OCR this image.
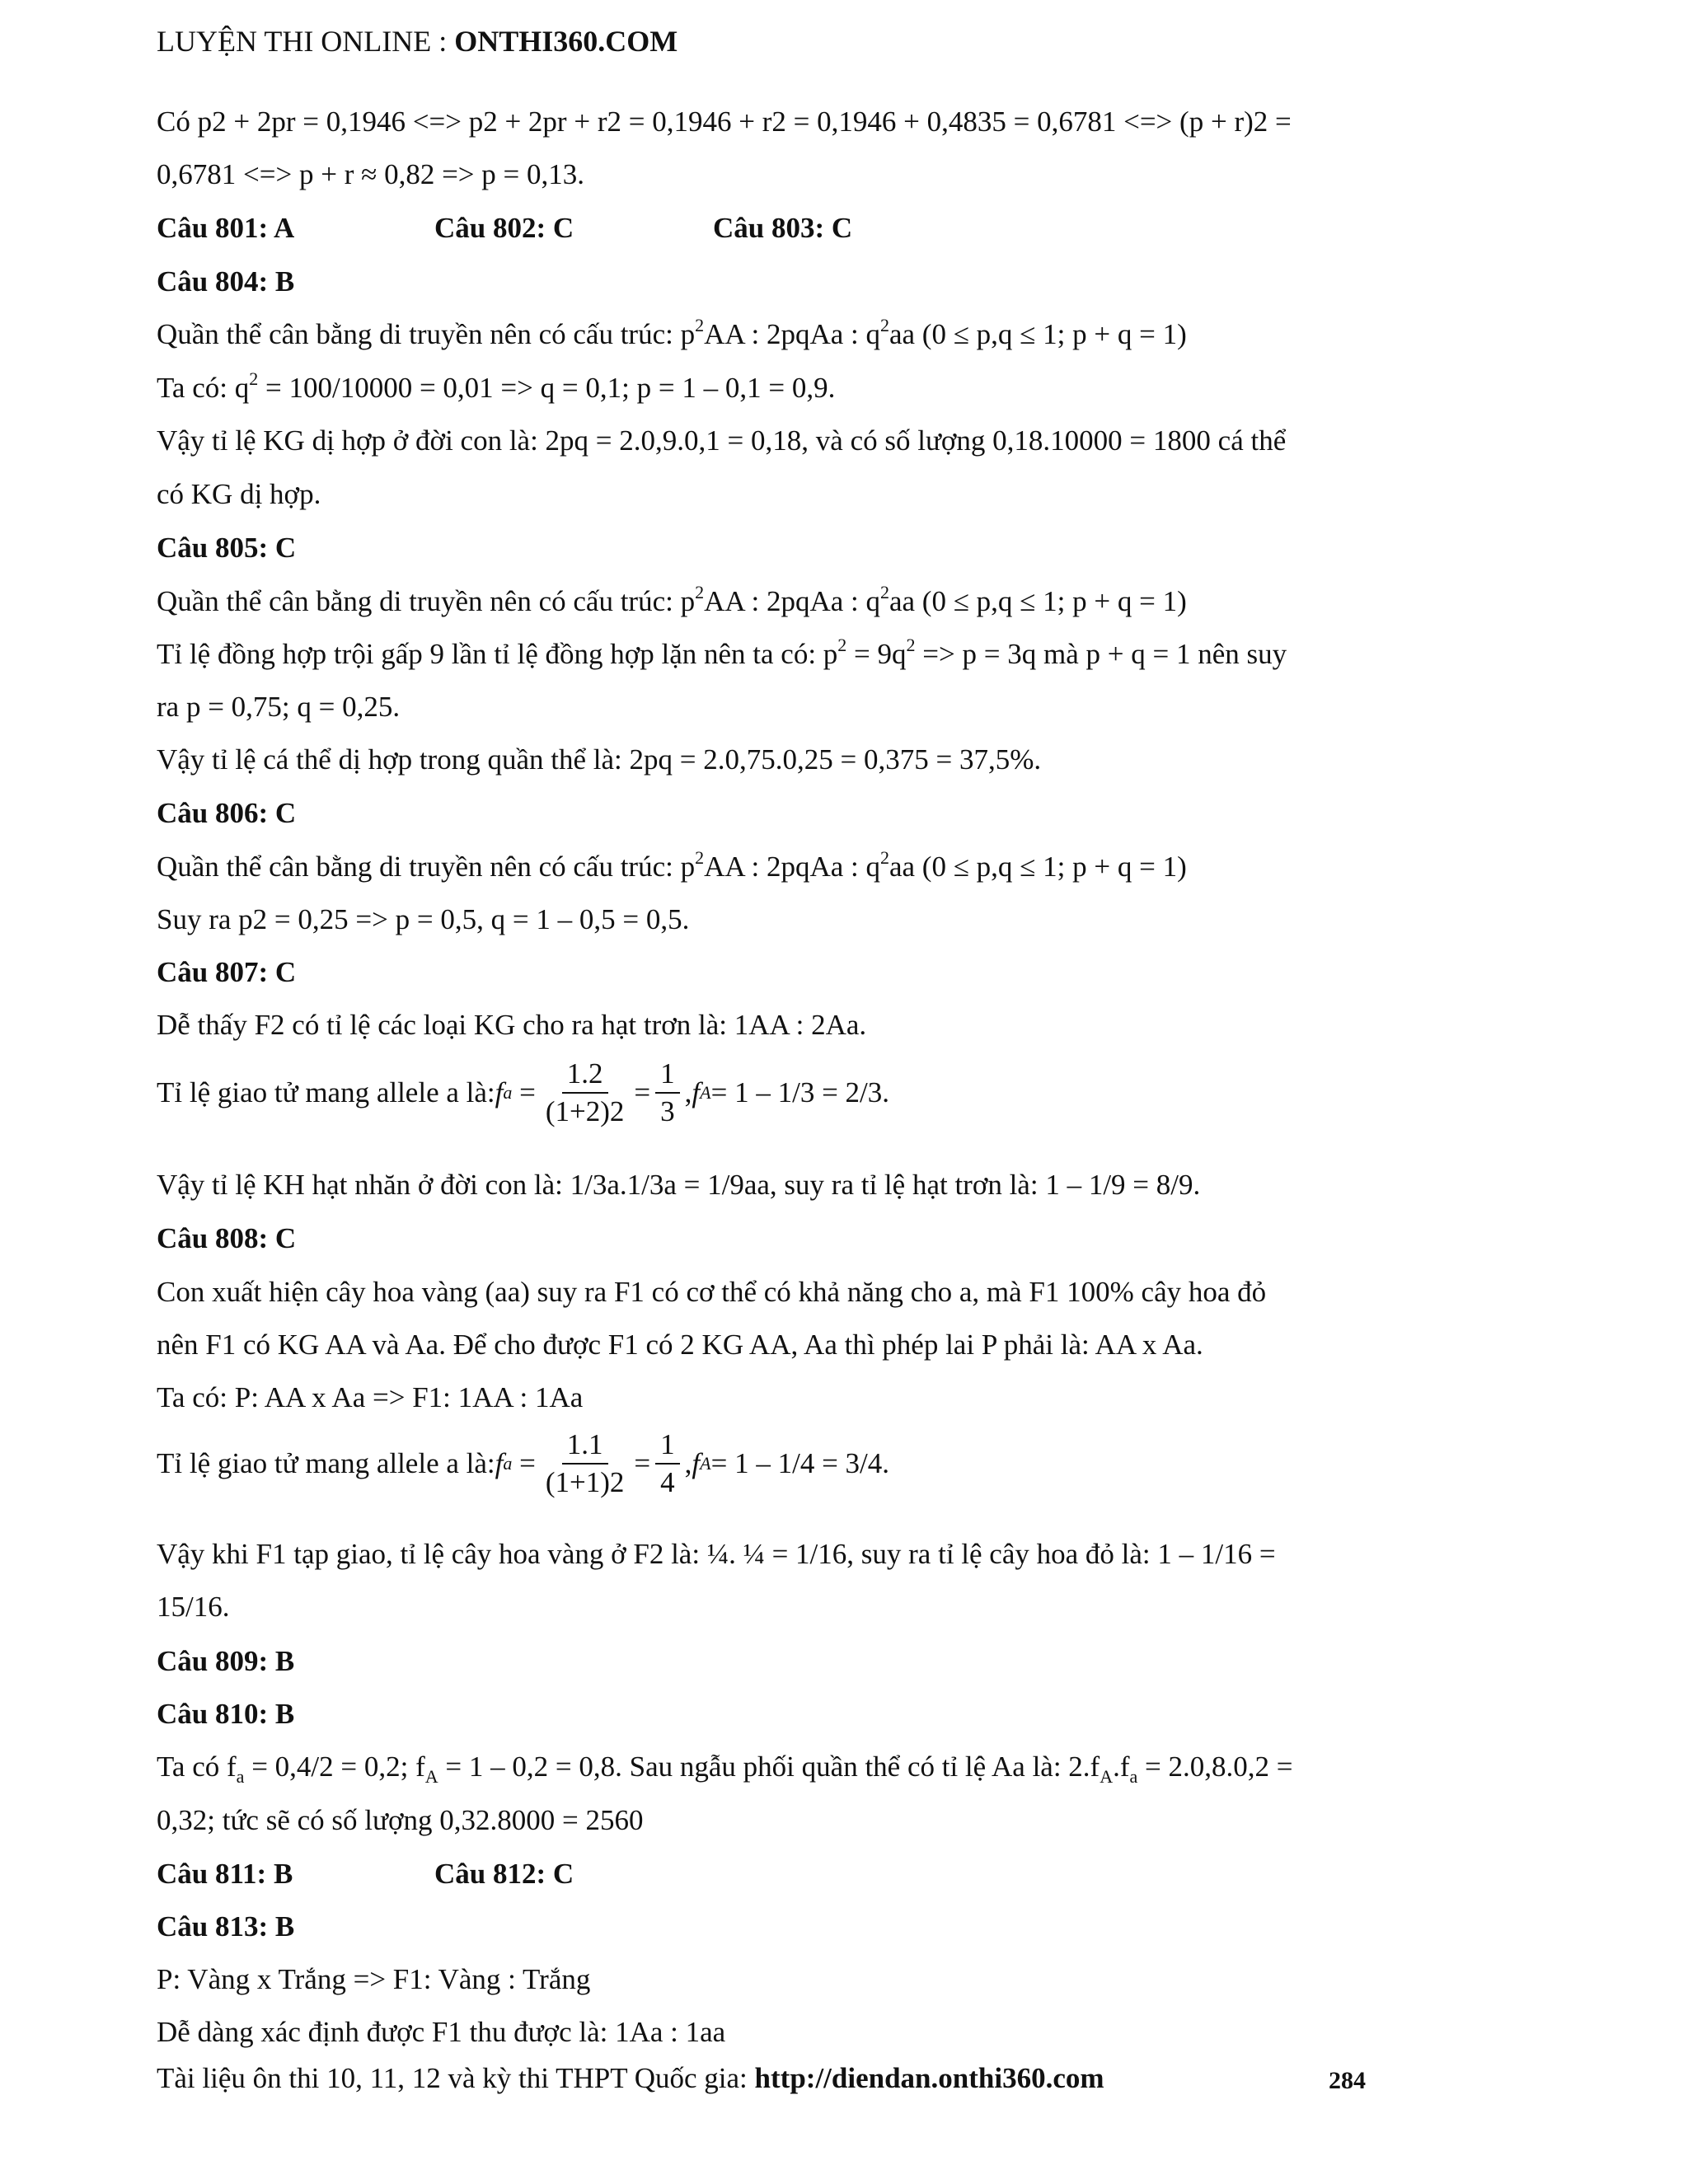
LUYỆN THI ONLINE : ONTHI360.COM
Có p2 + 2pr = 0,1946 <=> p2 + 2pr + r2 = 0,1946 + r2 = 0,1946 + 0,4835 = 0,6781 <=> (p + r)2 =
0,6781 <=> p + r ≈ 0,82 => p = 0,13.
Câu 801: A	Câu 802: C	Câu 803: C
Câu 804: B
Quần thể cân bằng di truyền nên có cấu trúc: $p^2AA$ : 2pqAa : $q^2aa$ (0 ≤ p,q ≤ 1; p + q = 1)
Ta có: $q^2 = 100/10000 = 0,01 => q = 0,1$; p = 1 – 0,1 = 0,9.
Vậy tỉ lệ KG dị hợp ở đời con là: 2pq = 2.0,9.0,1 = 0,18, và có số lượng 0,18.10000 = 1800 cá thể
có KG dị hợp.
Câu 805: C
Quần thể cân bằng di truyền nên có cấu trúc: $p^2AA$ : 2pqAa : $q^2aa$ (0 ≤ p,q ≤ 1; p + q = 1)
Tỉ lệ đồng hợp trội gấp 9 lần tỉ lệ đồng hợp lặn nên ta có: $p^2 = 9q^2 => p = 3q$ mà p + q = 1 nên suy
ra p = 0,75; q = 0,25.
Vậy tỉ lệ cá thể dị hợp trong quần thể là: 2pq = 2.0,75.0,25 = 0,375 = 37,5%.
Câu 806: C
Quần thể cân bằng di truyền nên có cấu trúc: $p^2AA$ : 2pqAa : $q^2aa$ (0 ≤ p,q ≤ 1; p + q = 1)
Suy ra p2 = 0,25 => p = 0,5, q = 1 – 0,5 = 0,5.
Câu 807: C
Dễ thấy F2 có tỉ lệ các loại KG cho ra hạt trơn là: 1AA : 2Aa.
Tỉ lệ giao tử mang allele a là: f $a = \frac{1.2}{(1+2)2} = \frac{1}{3}$ , f A = 1 – 1/3 = 2/3.
Vậy tỉ lệ KH hạt nhăn ở đời con là: 1/3a.1/3a = 1/9aa, suy ra tỉ lệ hạt trơn là: 1 – 1/9 = 8/9.
Câu 808: C
Con xuất hiện cây hoa vàng (aa) suy ra F1 có cơ thể có khả năng cho a, mà F1 100% cây hoa đỏ
nên F1 có KG AA và Aa. Để cho được F1 có 2 KG AA, Aa thì phép lai P phải là: AA x Aa.
Ta có: P: AA x Aa => F1: 1AA : 1Aa
Tỉ lệ giao tử mang allele a là: f $a = \frac{1.1}{(1+1)2} = \frac{1}{4}$ , f A = 1 – 1/4 = 3/4.
Vậy khi F1 tạp giao, tỉ lệ cây hoa vàng ở F2 là: ¼. ¼ = 1/16, suy ra tỉ lệ cây hoa đỏ là: 1 – 1/16 =
15/16.
Câu 809: B
Câu 810: B
Ta có $f_a = 0,4/2 = 0,2$; $f_A = 1 - 0,2 = 0,8$. Sau ngẫu phối quần thể có tỉ lệ Aa là: $2.f_A.f_a = 2.0,8.0,2$ =
0,32; tức sẽ có số lượng 0,32.8000 = 2560
Câu 811: B	Câu 812: C
Câu 813: B
P: Vàng x Trắng => F1: Vàng : Trắng
Dễ dàng xác định được F1 thu được là: 1Aa : 1aa
Tài liệu ôn thi 10, 11, 12 và kỳ thi THPT Quốc gia: http://diendan.onthi360.com	284
